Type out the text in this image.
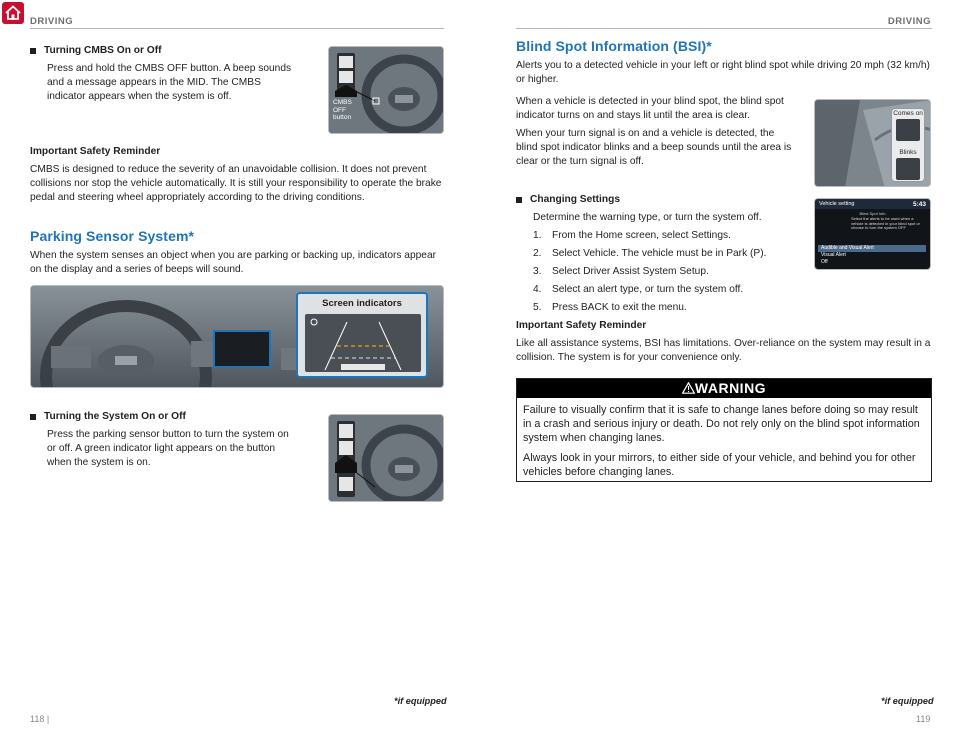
DRIVING	DRIVING
Turning CMBS On or Off

Press and hold the CMBS OFF button. A beep sounds and a message appears in the MID. The CMBS indicator appears when the system is off.

Important Safety Reminder

CMBS is designed to reduce the severity of an unavoidable collision. It does not prevent collisions nor stop the vehicle automatically. It is still your responsibility to operate the brake pedal and steering wheel appropriately according to the driving conditions.

Parking Sensor System*

When the system senses an object when you are parking or backing up, indicators appear on the display and a series of beeps will sound.

CMBS
OFF
button
Screen indicators
Turning the System On or Off

Press the parking sensor button to turn the system on or off. A green indicator light appears on the button when the system is on.

*if equipped
118 |

Blind Spot Information (BSI)*

Alerts you to a detected vehicle in your left or right blind spot while driving 20 mph (32 km/h) or higher.

When a vehicle is detected in your blind spot, the blind spot indicator turns on and stays lit until the area is clear.

When your turn signal is on and a vehicle is detected, the blind spot indicator blinks and a beep sounds until the area is clear or the turn signal is off.

Changing Settings

Determine the warning type, or turn the system off.

1. From the Home screen, select Settings.
2. Select Vehicle. The vehicle must be in Park (P).
3. Select Driver Assist System Setup.
4. Select an alert type, or turn the system off.
5. Press BACK to exit the menu.

Important Safety Reminder

Like all assistance systems, BSI has limitations. Over-reliance on the system may result in a collision. The system is for your convenience only.

Comes on
Blinks
Vehicle setting	5:43
Blind Spot Info
Select the alerts to be used when a vehicle is detected in your blind spot or choose to turn the system OFF
Audible and Visual Alert
Visual Alert
Off
WARNING

Failure to visually confirm that it is safe to change lanes before doing so may result in a crash and serious injury or death. Do not rely only on the blind spot information system when changing lanes.

Always look in your mirrors, to either side of your vehicle, and behind you for other vehicles before changing lanes.

*if equipped
119
